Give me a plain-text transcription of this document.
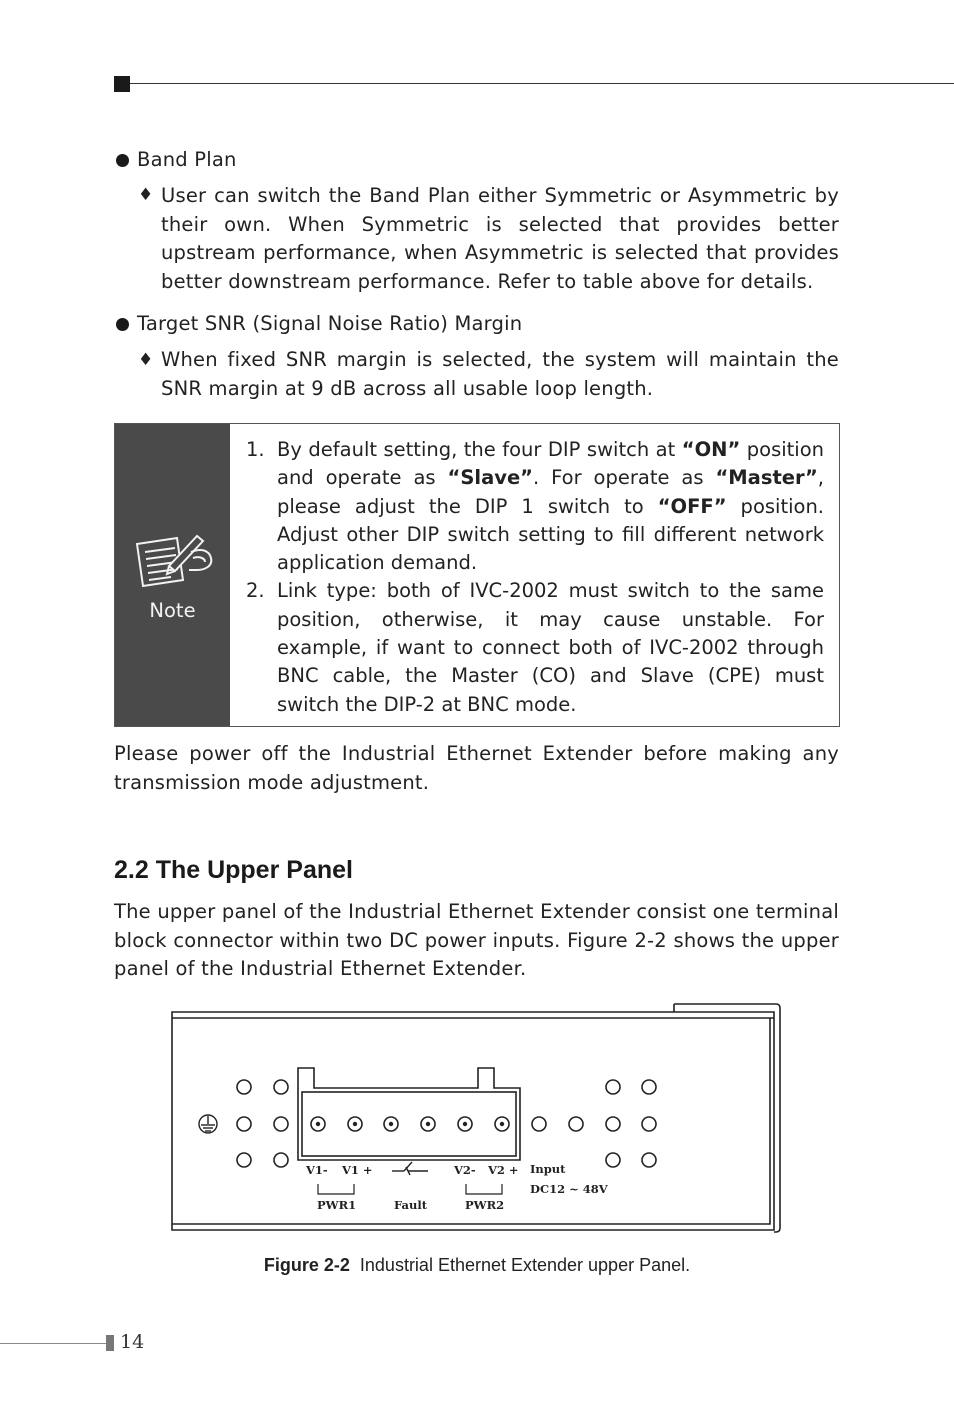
Band Plan
♦ User can switch the Band Plan either Symmetric or Asymmetric by their own. When Symmetric is selected that provides better upstream performance, when Asymmetric is selected that provides better downstream performance. Refer to table above for details.
Target SNR (Signal Noise Ratio) Margin
♦ When fixed SNR margin is selected, the system will maintain the SNR margin at 9 dB across all usable loop length.
Note
1. By default setting, the four DIP switch at “ON” position and operate as “Slave”. For operate as “Master”, please adjust the DIP 1 switch to “OFF” position. Adjust other DIP switch setting to fill different network application demand.
2. Link type: both of IVC-2002 must switch to the same position, otherwise, it may cause unstable. For example, if want to connect both of IVC-2002 through BNC cable, the Master (CO) and Slave (CPE) must switch the DIP-2 at BNC mode.
Please power off the Industrial Ethernet Extender before making any transmission mode adjustment.
2.2 The Upper Panel
The upper panel of the Industrial Ethernet Extender consist one terminal block connector within two DC power inputs. Figure 2-2 shows the upper panel of the Industrial Ethernet Extender.
V1- V1 +	V2- V2 + Input
DC12 ~ 48V
PWR1	Fault	PWR2
Figure 2-2 Industrial Ethernet Extender upper Panel.
14
